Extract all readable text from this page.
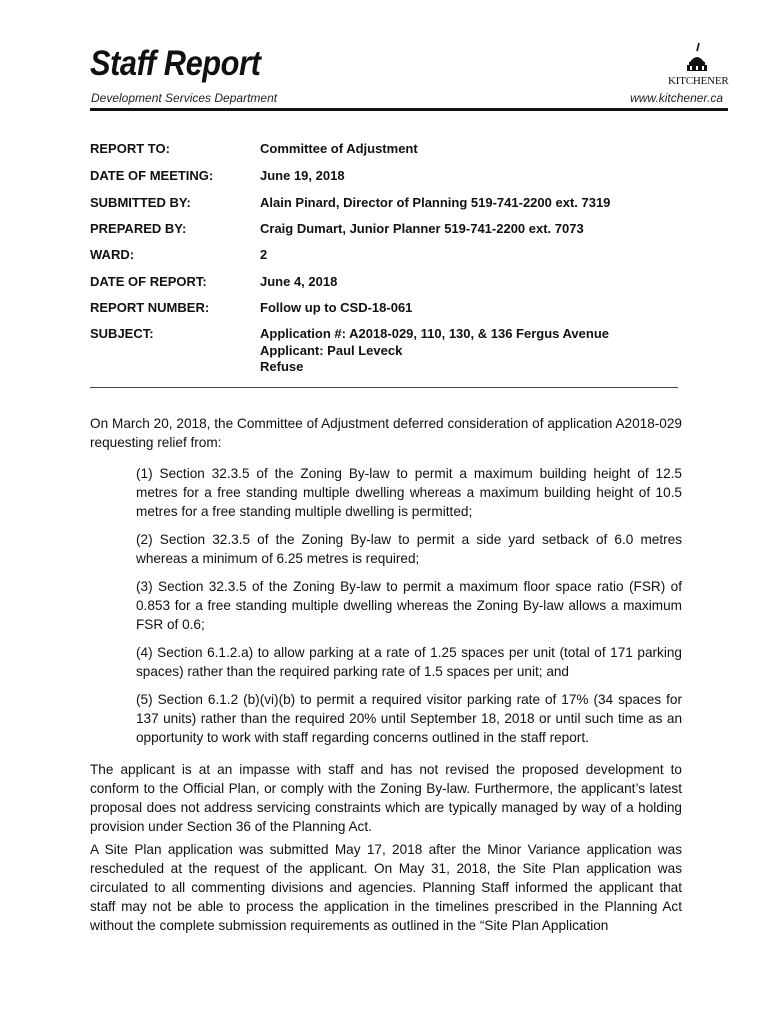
Staff Report
Development Services Department	www.kitchener.ca
KITCHENER
REPORT TO:	Committee of Adjustment
DATE OF MEETING:	June 19, 2018
SUBMITTED BY:	Alain Pinard, Director of Planning 519-741-2200 ext. 7319
PREPARED BY:	Craig Dumart, Junior Planner 519-741-2200 ext. 7073
WARD:	2
DATE OF REPORT:	June 4, 2018
REPORT NUMBER:	Follow up to CSD-18-061
SUBJECT:	Application #: A2018-029, 110, 130, & 136 Fergus Avenue
Applicant: Paul Leveck
Refuse
On March 20, 2018, the Committee of Adjustment deferred consideration of application A2018-029 requesting relief from:
(1) Section 32.3.5 of the Zoning By-law to permit a maximum building height of 12.5 metres for a free standing multiple dwelling whereas a maximum building height of 10.5 metres for a free standing multiple dwelling is permitted;
(2) Section 32.3.5 of the Zoning By-law to permit a side yard setback of 6.0 metres whereas a minimum of 6.25 metres is required;
(3) Section 32.3.5 of the Zoning By-law to permit a maximum floor space ratio (FSR) of 0.853 for a free standing multiple dwelling whereas the Zoning By-law allows a maximum FSR of 0.6;
(4) Section 6.1.2.a) to allow parking at a rate of 1.25 spaces per unit (total of 171 parking spaces) rather than the required parking rate of 1.5 spaces per unit; and
(5) Section 6.1.2 (b)(vi)(b) to permit a required visitor parking rate of 17% (34 spaces for 137 units) rather than the required 20% until September 18, 2018 or until such time as an opportunity to work with staff regarding concerns outlined in the staff report.
The applicant is at an impasse with staff and has not revised the proposed development to conform to the Official Plan, or comply with the Zoning By-law. Furthermore, the applicant’s latest proposal does not address servicing constraints which are typically managed by way of a holding provision under Section 36 of the Planning Act.
A Site Plan application was submitted May 17, 2018 after the Minor Variance application was rescheduled at the request of the applicant. On May 31, 2018, the Site Plan application was circulated to all commenting divisions and agencies. Planning Staff informed the applicant that staff may not be able to process the application in the timelines prescribed in the Planning Act without the complete submission requirements as outlined in the “Site Plan Application
